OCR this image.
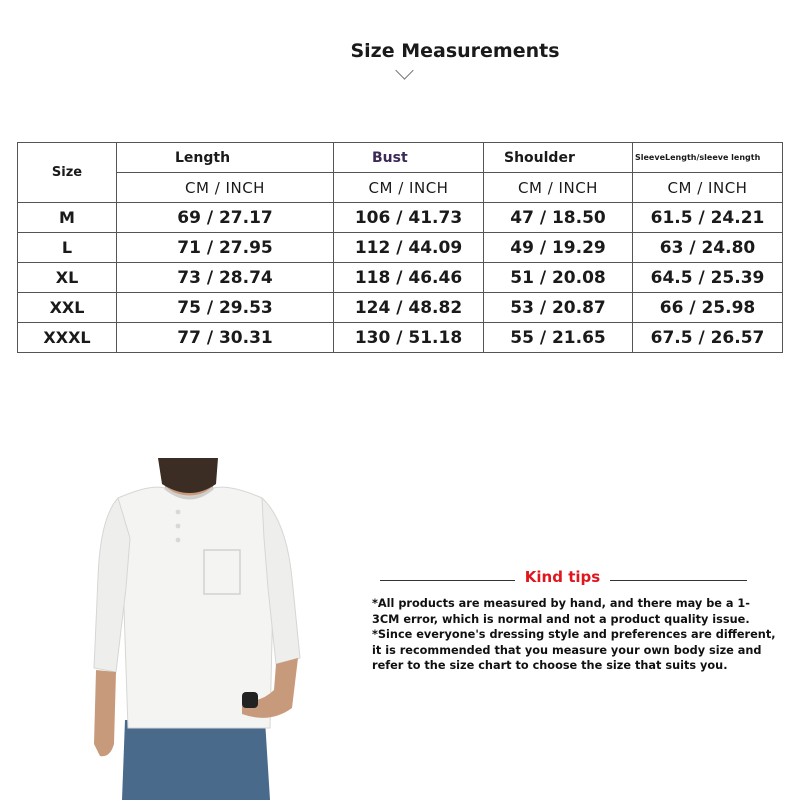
Size Measurements
Size	Length	Bust	Shoulder	SleeveLength/sleeve length
	CM / INCH	CM / INCH	CM / INCH	CM / INCH
M	69 / 27.17	106 / 41.73	47 / 18.50	61.5 / 24.21
L	71 / 27.95	112 / 44.09	49 / 19.29	63 / 24.80
XL	73 / 28.74	118 / 46.46	51 / 20.08	64.5 / 25.39
XXL	75 / 29.53	124 / 48.82	53 / 20.87	66 / 25.98
XXXL	77 / 30.31	130 / 51.18	55 / 21.65	67.5 / 26.57
Kind tips
*All products are measured by hand, and there may be a 1-3CM error, which is normal and not a product quality issue. *Since everyone's dressing style and preferences are different, it is recommended that you measure your own body size and refer to the size chart to choose the size that suits you.
